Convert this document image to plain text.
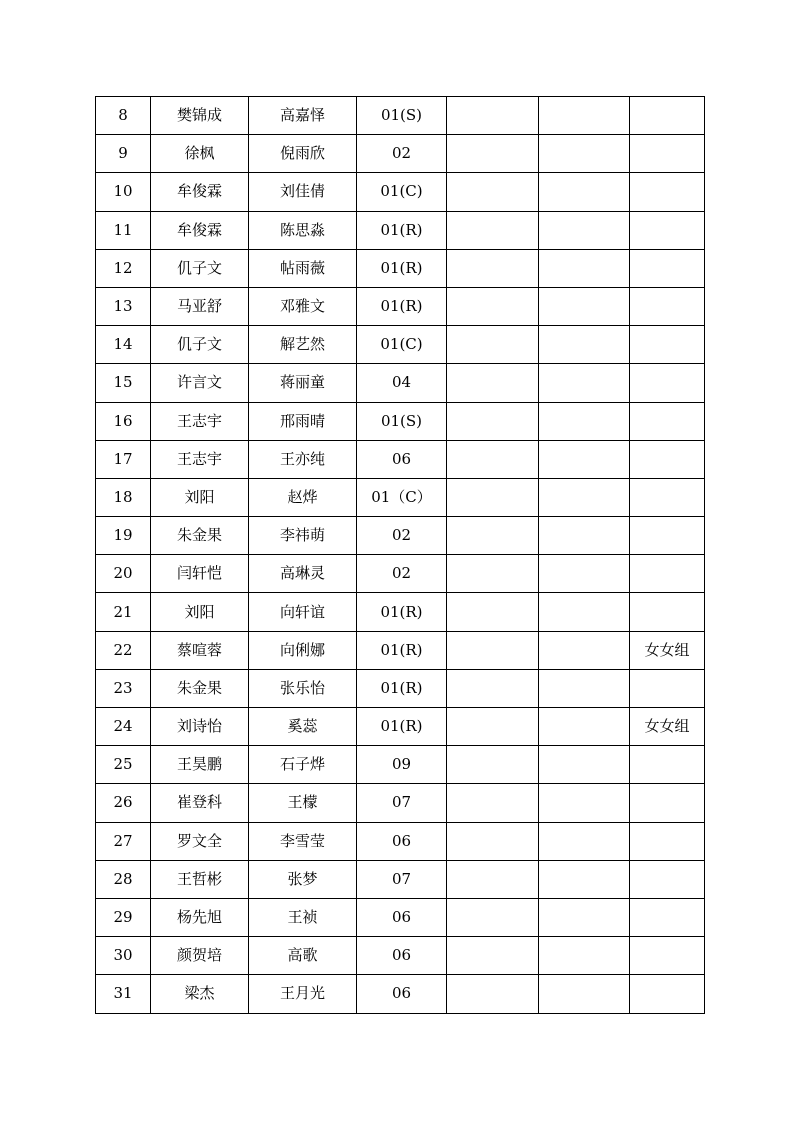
8	樊锦成	高嘉怿	01(S)			
9	徐枫	倪雨欣	02			
10	牟俊霖	刘佳倩	01(C)			
11	牟俊霖	陈思淼	01(R)			
12	仉子文	帖雨薇	01(R)			
13	马亚舒	邓雅文	01(R)			
14	仉子文	解艺然	01(C)			
15	许言文	蒋丽童	04			
16	王志宇	邢雨晴	01(S)			
17	王志宇	王亦纯	06			
18	刘阳	赵烨	01（C）			
19	朱金果	李祎萌	02			
20	闫轩恺	高琳灵	02			
21	刘阳	向轩谊	01(R)			
22	蔡喧蓉	向俐娜	01(R)			女女组
23	朱金果	张乐怡	01(R)			
24	刘诗怡	奚蕊	01(R)			女女组
25	王昊鹏	石子烨	09			
26	崔登科	王檬	07			
27	罗文全	李雪莹	06			
28	王哲彬	张梦	07			
29	杨先旭	王祯	06			
30	颜贺培	高歌	06			
31	梁杰	王月光	06			
